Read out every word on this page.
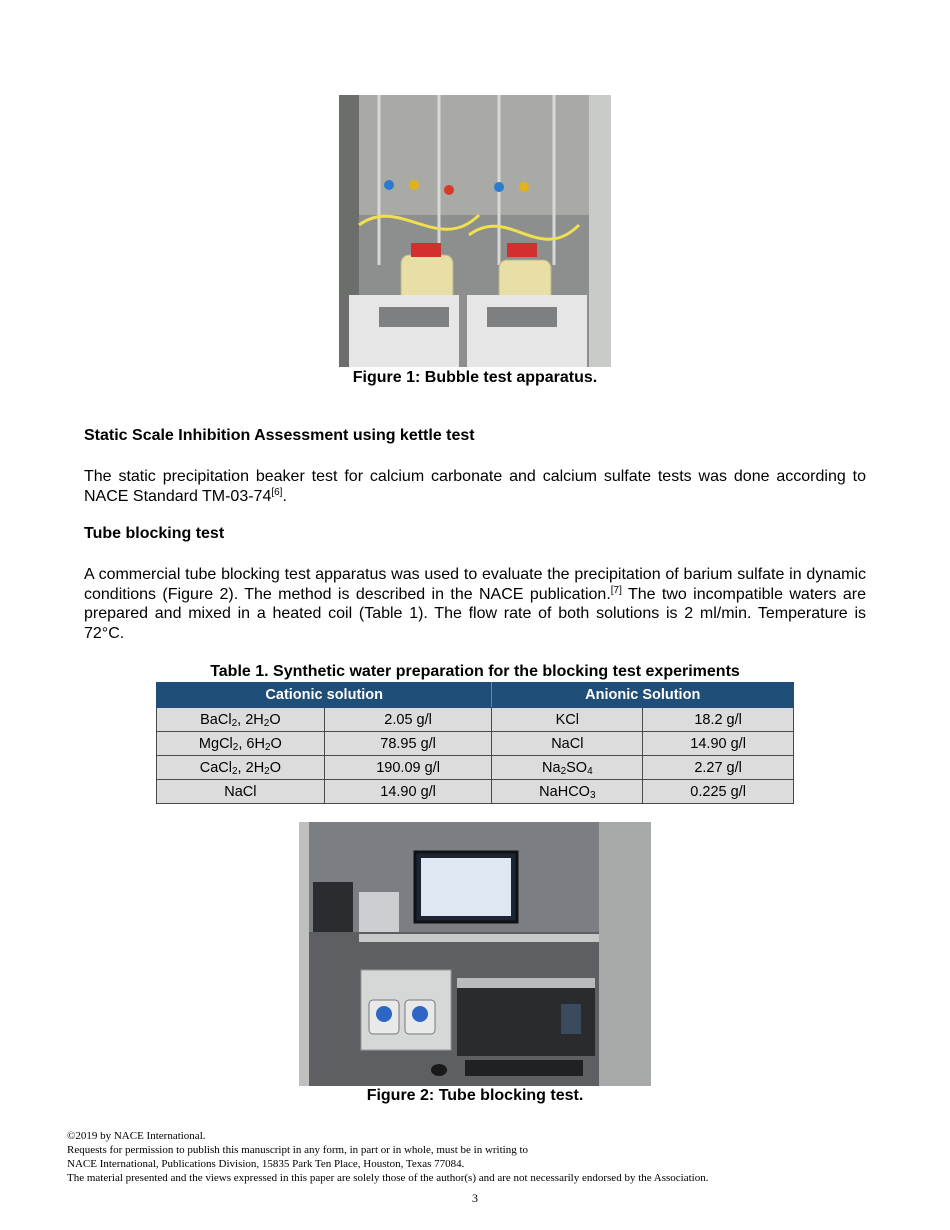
Figure 1: Bubble test apparatus.
Static Scale Inhibition Assessment using kettle test
The static precipitation beaker test for calcium carbonate and calcium sulfate tests was done according to NACE Standard TM-03-74[6].
Tube blocking test
A commercial tube blocking test apparatus was used to evaluate the precipitation of barium sulfate in dynamic conditions (Figure 2). The method is described in the NACE publication.[7] The two incompatible waters are prepared and mixed in a heated coil (Table 1). The flow rate of both solutions is 2 ml/min. Temperature is 72°C.
Table 1. Synthetic water preparation for the blocking test experiments
Cationic solution		Anionic Solution	
BaCl$_2$, $2H_2O$	2.05 g/l	KCl	18.2 g/l
MgCl$_2$, $6H_2O$	78.95 g/l	NaCl	14.90 g/l
CaCl$_2$, $2H_2O$	190.09 g/l	$Na_2SO_4$	2.27 g/l
NaCl	14.90 g/l	NaHCO$_3$	0.225 g/l
Figure 2: Tube blocking test.
©2019 by NACE International.
Requests for permission to publish this manuscript in any form, in part or in whole, must be in writing to
NACE International, Publications Division, 15835 Park Ten Place, Houston, Texas 77084.
The material presented and the views expressed in this paper are solely those of the author(s) and are not necessarily endorsed by the Association.
3
